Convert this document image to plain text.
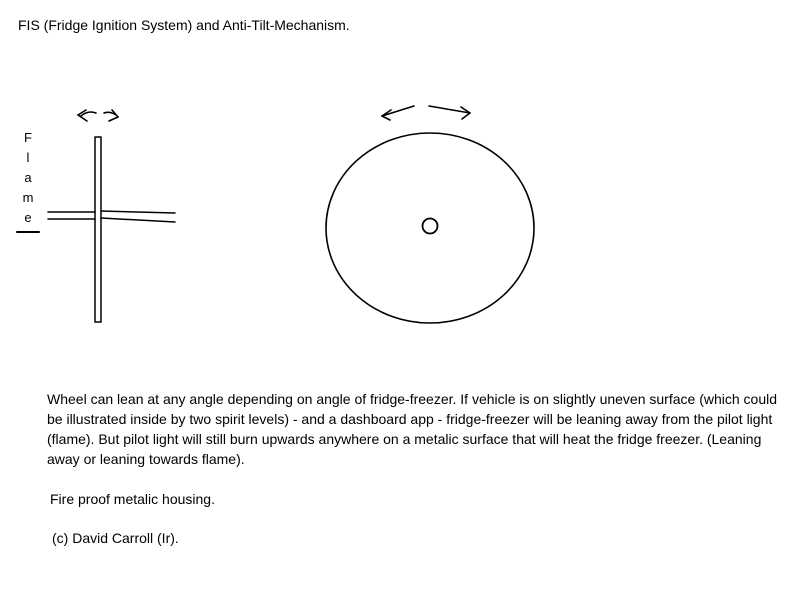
FIS (Fridge Ignition System) and Anti-Tilt-Mechanism.
F
l
a
m
e
Wheel can lean at any angle depending on angle of fridge-freezer. If vehicle is on slightly uneven surface (which could be illustrated inside by two spirit levels) - and a dashboard app - fridge-freezer will be leaning away from the pilot light (flame). But pilot light will still burn upwards anywhere on a metalic surface that will heat the fridge freezer. (Leaning away or leaning towards flame).
Fire proof metalic housing.
(c) David Carroll (Ir).
